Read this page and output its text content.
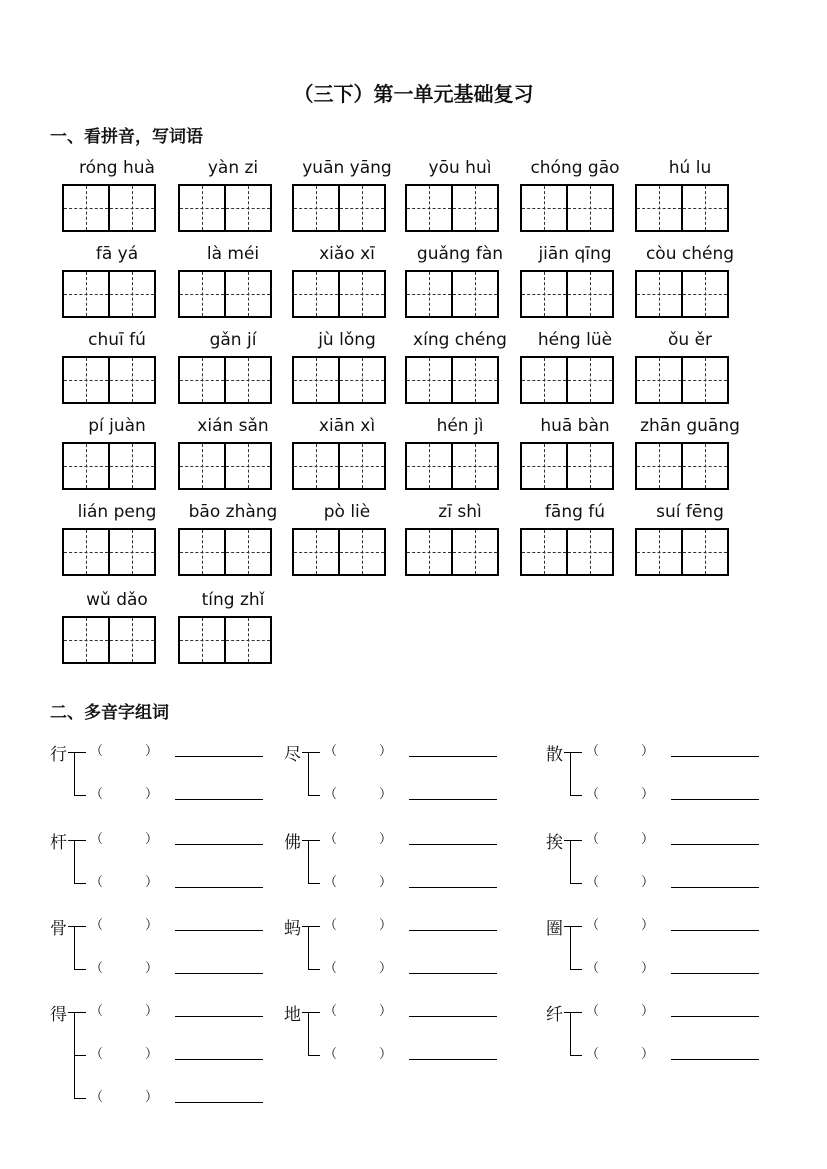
（三下）第一单元基础复习
一、看拼音，写词语
róng huà	yàn zi	yuān yāng	yōu huì	chóng gāo	hú lu
fā yá	là méi	xiǎo xī	guǎng fàn	jiān qīng	còu chéng
chuī fú	gǎn jí	jù lǒng	xíng chéng	héng lüè	ǒu ěr
pí juàn	xián sǎn	xiān xì	hén jì	huā bàn	zhān guāng
lián peng	bāo zhàng	pò liè	zī shì	fāng fú	suí fēng
wǔ dǎo	tíng zhǐ
二、多音字组词
行 （	）
（	）
尽 （	）
（	）
散 （	）
（	）
杆 （	）
（	）
佛 （	）
（	）
挨 （	）
（	）
骨 （	）
（	）
蚂 （	）
（	）
圈 （	）
（	）
得 （	）
（	）
（	）
地 （	）
（	）
纤 （	）
（	）
